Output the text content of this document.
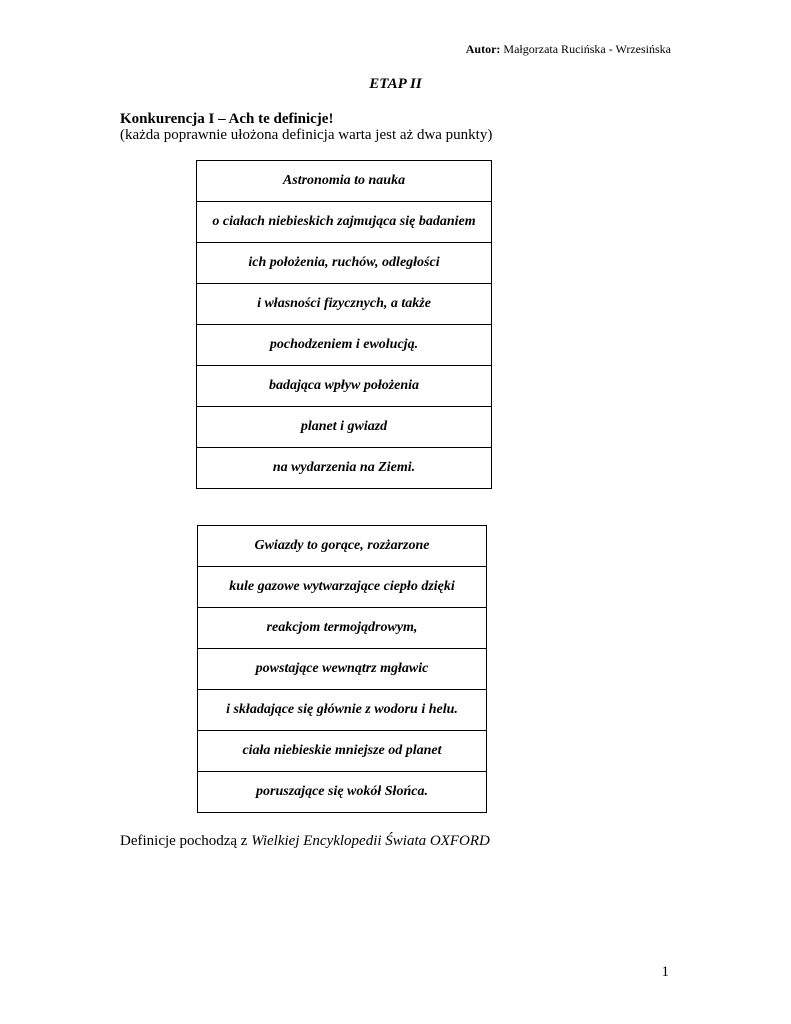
Autor: Małgorzata Rucińska - Wrzesińska
ETAP II
Konkurencja I – Ach te definicje!
(każda poprawnie ułożona definicja warta jest aż dwa punkty)
Astronomia to nauka
o ciałach niebieskich zajmująca się badaniem
ich położenia, ruchów, odległości
i własności fizycznych, a także
pochodzeniem i ewolucją.
badająca wpływ położenia
planet i gwiazd
na wydarzenia na Ziemi.
Gwiazdy to gorące, rozżarzone
kule gazowe wytwarzające ciepło dzięki
reakcjom termojądrowym,
powstające wewnątrz mgławic
i składające się głównie z wodoru i helu.
ciała niebieskie mniejsze od planet
poruszające się wokół Słońca.
Definicje pochodzą z Wielkiej Encyklopedii Świata OXFORD
1
